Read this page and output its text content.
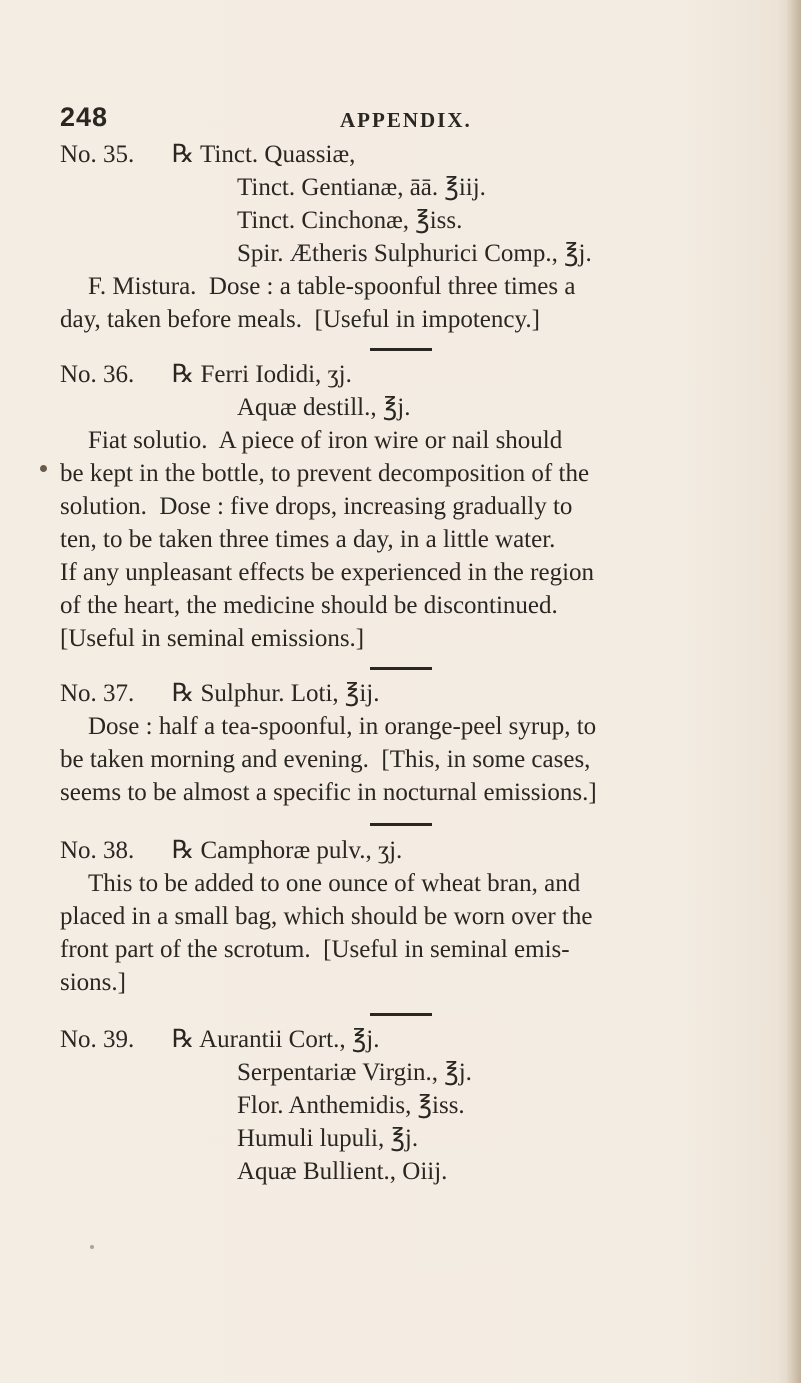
248	APPENDIX.
No. 35.      ℞ Tinct. Quassiæ,
Tinct. Gentianæ, āā. ℥iij.
Tinct. Cinchonæ, ℥iss.
Spir. Ætheris Sulphurici Comp., ℥j.
F. Mistura.  Dose : a table-spoonful three times a
day, taken before meals.  [Useful in impotency.]
No. 36.      ℞ Ferri Iodidi, ʒj.
Aquæ destill., ℥j.
Fiat solutio.  A piece of iron wire or nail should
be kept in the bottle, to prevent decomposition of the
solution.  Dose : five drops, increasing gradually to
ten, to be taken three times a day, in a little water.
If any unpleasant effects be experienced in the region
of the heart, the medicine should be discontinued.
[Useful in seminal emissions.]
No. 37.      ℞ Sulphur. Loti, ℥ij.
Dose : half a tea-spoonful, in orange-peel syrup, to
be taken morning and evening.  [This, in some cases,
seems to be almost a specific in nocturnal emissions.]
No. 38.      ℞ Camphoræ pulv., ʒj.
This to be added to one ounce of wheat bran, and
placed in a small bag, which should be worn over the
front part of the scrotum.  [Useful in seminal emis-
sions.]
No. 39.      ℞ Aurantii Cort., ℥j.
Serpentariæ Virgin., ℥j.
Flor. Anthemidis, ℥iss.
Humuli lupuli, ℥j.
Aquæ Bullient., Oiij.
